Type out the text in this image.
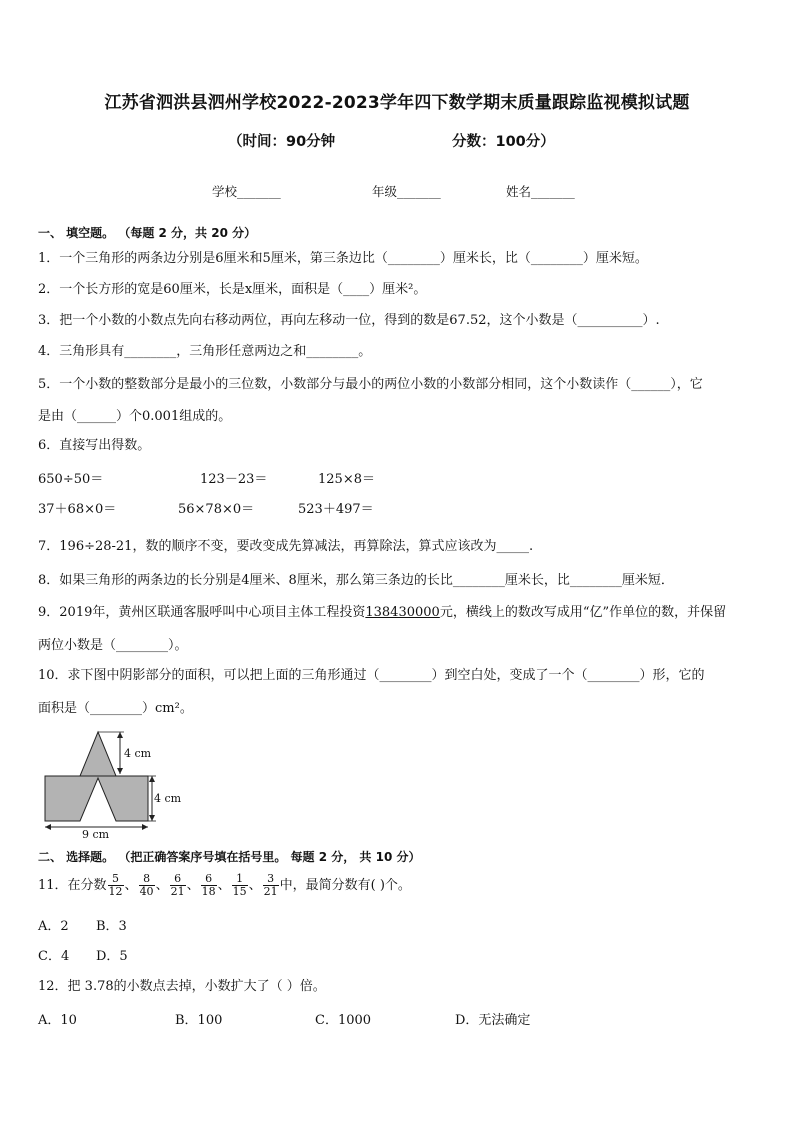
江苏省泗洪县泗州学校2022-2023学年四下数学期末质量跟踪监视模拟试题
（时间：90分钟	分数：100分）
学校_______	年级_______	姓名_______
一、 填空题。 （每题 2 分，共 20 分）
1．一个三角形的两条边分别是6厘米和5厘米，第三条边比（________）厘米长，比（________）厘米短。
2．一个长方形的宽是60厘米，长是x厘米，面积是（____）厘米²。
3．把一个小数的小数点先向右移动两位，再向左移动一位，得到的数是67.52，这个小数是（__________）.
4．三角形具有________，三角形任意两边之和________。
5．一个小数的整数部分是最小的三位数，小数部分与最小的两位小数的小数部分相同，这个小数读作（______），它
是由（______）个0.001组成的。
6．直接写出得数。
650÷50＝	123－23＝	125×8＝
37＋68×0＝	56×78×0＝	523＋497＝
7．196÷28-21，数的顺序不变，要改变成先算减法，再算除法，算式应该改为_____.
8．如果三角形的两条边的长分别是4厘米、8厘米，那么第三条边的长比________厘米长，比________厘米短．
9．2019年，黄州区联通客服呼叫中心项目主体工程投资138430000元，横线上的数改写成用“亿”作单位的数，并保留
两位小数是（________）。
10．求下图中阴影部分的面积，可以把上面的三角形通过（________）到空白处，变成了一个（________）形，它的
面积是（________）cm²。
4 cm
4 cm
9 cm
二、 选择题。 （把正确答案序号填在括号里。 每题 2 分， 共 10 分）
11．在分数 $\frac{5}{12}$ 、 $\frac{8}{40}$ 、 $\frac{6}{21}$ 、 $\frac{6}{18}$ 、 $\frac{1}{15}$ 、 $\frac{3}{21}$ 中，最简分数有( )个。
A．2 B．3
C．4 D．5
12．把 3.78的小数点去掉，小数扩大了（ ）倍。
A．10	B．100	C．1000	D．无法确定
